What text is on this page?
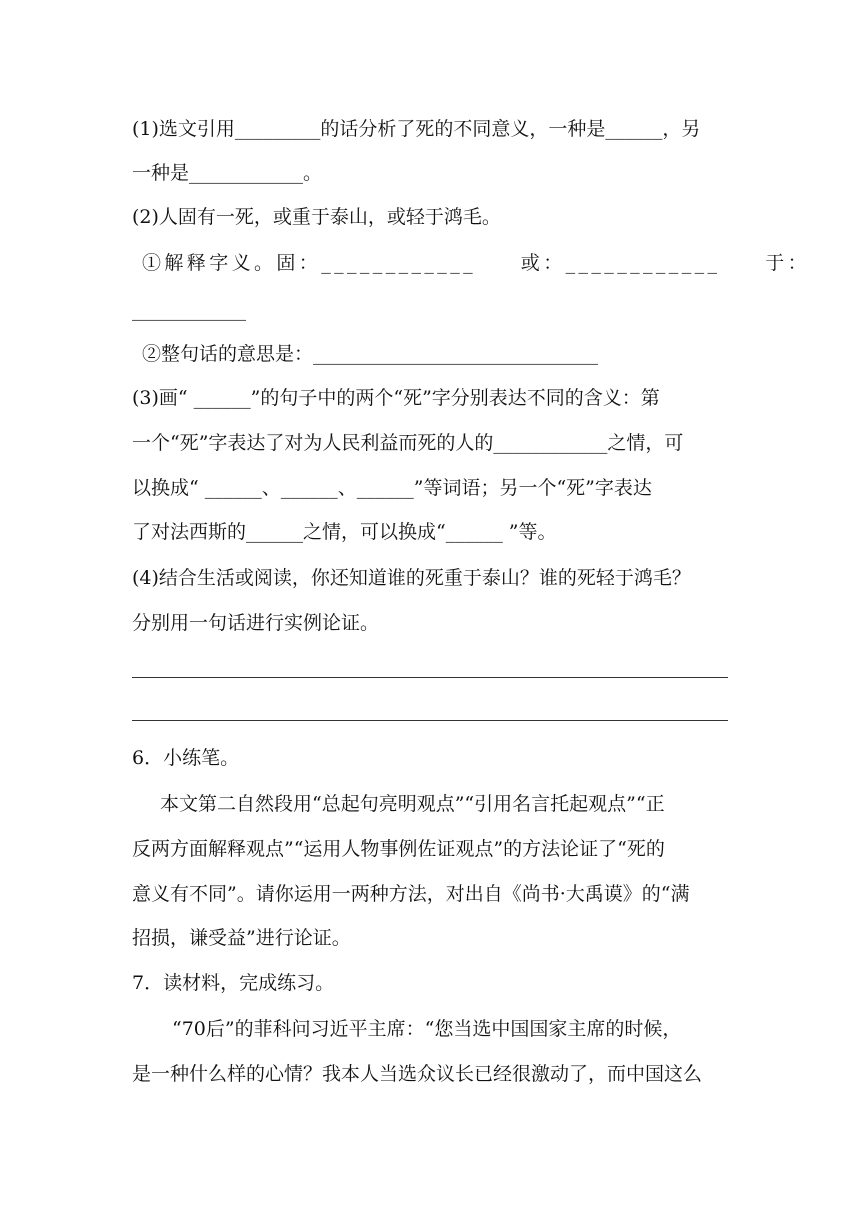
(1)选文引用_________的话分析了死的不同意义，一种是______，另
一种是____________。
(2)人固有一死，或重于泰山，或轻于鸿毛。
①解释字义。固：____________　　或：____________　　于：
____________
②整句话的意思是：______________________________
(3)画“ ______”的句子中的两个“死”字分别表达不同的含义：第
一个“死”字表达了对为人民利益而死的人的____________之情，可
以换成“ ______、______、______”等词语；另一个“死”字表达
了对法西斯的______之情，可以换成“______ ”等。
(4)结合生活或阅读，你还知道谁的死重于泰山？谁的死轻于鸿毛？
分别用一句话进行实例论证。
6．小练笔。
本文第二自然段用“总起句亮明观点”“引用名言托起观点”“正
反两方面解释观点”“运用人物事例佐证观点”的方法论证了“死的
意义有不同”。请你运用一两种方法，对出自《尚书·大禹谟》的“满
招损，谦受益”进行论证。
7．读材料，完成练习。
“70后”的菲科问习近平主席：“您当选中国国家主席的时候，
是一种什么样的心情？我本人当选众议长已经很激动了，而中国这么
